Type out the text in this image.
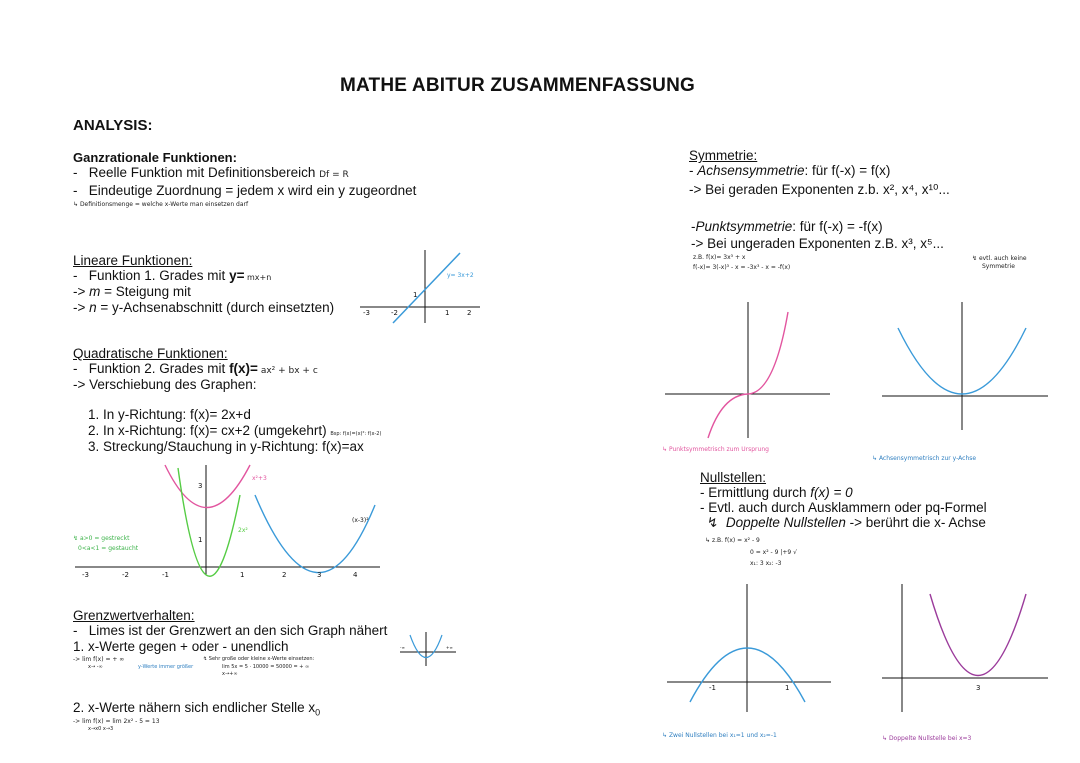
MATHE ABITUR ZUSAMMENFASSUNG
ANALYSIS:
Ganzrationale Funktionen:
-   Reelle Funktion mit Definitionsbereich Df = R
-   Eindeutige Zuordnung = jedem x wird ein y zugeordnet
↳ Definitionsmenge = welche x-Werte man einsetzen darf
Lineare Funktionen:
-   Funktion 1. Grades mit y= mx+n
-> m = Steigung mit
-> n = y-Achsenabschnitt (durch einsetzten)	-3	-2	1	2
1
y= 3x+2
Quadratische Funktionen:
-   Funktion 2. Grades mit f(x)= ax² + bx + c
-> Verschiebung des Graphen:
1. In y-Richtung: f(x)= 2x+d
2. In x-Richtung: f(x)= cx+2 (umgekehrt) Bsp: f(x)=(x)²: f(x-2)
3. Streckung/Stauchung in y-Richtung: f(x)=ax
-3	-2	-1	1	2	3	4
3
1
x²+3
2x²
(x-3)²
↯ a>0 = gestreckt
0<a<1 = gestaucht
Grenzwertverhalten:
-   Limes ist der Grenzwert an den sich Graph nähert
1. x-Werte gegen + oder - unendlich
-> lim f(x) = + ∞
x→ -∞	y-Werte immer größer
↯ Sehr große oder kleine x-Werte einsetzen:
lim 5x = 5 · 10000 = 50000 = + ∞
x→+∞
-∞	+∞
2. x-Werte nähern sich endlicher Stelle $x_0$
-> lim f(x) = lim 2x² - 5 = 13
x→x0 x→3
Symmetrie:
- Achsensymmetrie: für f(-x) = f(x)
-> Bei geraden Exponenten z.b. x², x⁴, x¹⁰...
-Punktsymmetrie: für f(-x) = -f(x)
-> Bei ungeraden Exponenten z.B. x³, x⁵...
z.B. f(x)= 3x³ + x
f(-x)= 3(-x)³ - x = -3x³ - x = -f(x)
↯ evtl. auch keine
Symmetrie
↳ Punktsymmetrisch zum Ursprung
↳ Achsensymmetrisch zur y-Achse
Nullstellen:
- Ermittlung durch f(x) = 0
- Evtl. auch durch Ausklammern oder pq-Formel
↯  Doppelte Nullstellen -> berührt die x- Achse
↳ z.B. f(x) = x² - 9
0 = x² - 9 |+9 √
x₁: 3 x₂: -3
-1	1
↳ Zwei Nullstellen bei x₁=1 und x₂=-1
3
↳ Doppelte Nullstelle bei x=3
